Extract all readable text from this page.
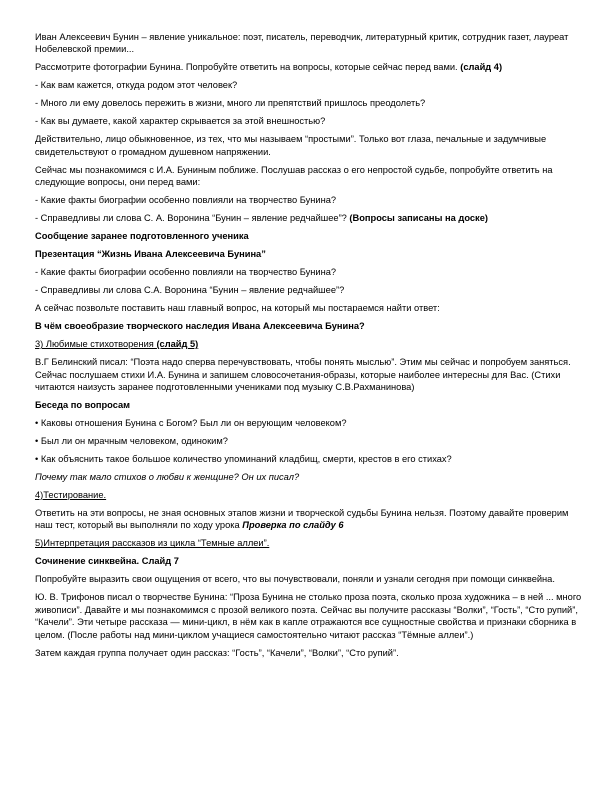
Иван Алексеевич Бунин – явление уникальное: поэт, писатель, переводчик, литературный критик, сотрудник газет, лауреат Нобелевской премии...

Рассмотрите фотографии Бунина. Попробуйте ответить на вопросы, которые сейчас перед вами. (слайд 4)

- Как вам кажется, откуда родом этот человек?

- Много ли ему довелось пережить в жизни, много ли препятствий пришлось преодолеть?

- Как вы думаете, какой характер скрывается за этой внешностью?

Действительно, лицо обыкновенное, из тех, что мы называем “простыми”. Только вот глаза, печальные и задумчивые свидетельствуют о громадном душевном напряжении.

Сейчас мы познакомимся с И.А. Буниным поближе. Послушав рассказ о его непростой судьбе, попробуйте ответить на следующие вопросы, они перед вами:

- Какие факты биографии особенно повлияли на творчество Бунина?

- Справедливы ли слова С. А. Воронина “Бунин – явление редчайшее”? (Вопросы записаны на доске)

Сообщение заранее подготовленного ученика

Презентация “Жизнь Ивана Алексеевича Бунина”

- Какие факты биографии особенно повлияли на творчество Бунина?

- Справедливы ли слова С.А. Воронина “Бунин – явление редчайшее”?

А сейчас позвольте поставить наш главный вопрос, на который мы постараемся найти ответ:

В чём своеобразие творческого наследия Ивана Алексеевича Бунина?

3) Любимые стихотворения (слайд 5)

В.Г Белинский писал: “Поэта надо сперва перечувствовать, чтобы понять мыслью”. Этим мы сейчас и попробуем заняться. Сейчас послушаем стихи И.А. Бунина и запишем словосочетания-образы, которые наиболее интересны для Вас. (Стихи читаются наизусть заранее подготовленными учениками под музыку С.В.Рахманинова)

Беседа по вопросам

• Каковы отношения Бунина с Богом? Был ли он верующим человеком?

• Был ли он мрачным человеком, одиноким?

• Как объяснить такое большое количество упоминаний кладбищ, смерти, крестов в его стихах?

Почему так мало стихов о любви к женщине? Он их писал?

4)Тестирование.

Ответить на эти вопросы, не зная основных этапов жизни и творческой судьбы Бунина нельзя. Поэтому давайте проверим наш тест, который вы выполняли по ходу урока Проверка по слайду 6

5)Интерпретация рассказов из цикла “Темные аллеи”.

Сочинение синквейна. Слайд 7

Попробуйте выразить свои ощущения от всего, что вы почувствовали, поняли и узнали сегодня при помощи синквейна.

Ю. В. Трифонов писал о творчестве Бунина: “Проза Бунина не столько проза поэта, сколько проза художника – в ней ... много живописи”. Давайте и мы познакомимся с прозой великого поэта. Сейчас вы получите рассказы “Волки”, “Гость”, “Сто рупий”, “Качели”. Эти четыре рассказа — мини-цикл, в нём как в капле отражаются все сущностные свойства и признаки сборника в целом. (После работы над мини-циклом учащиеся самостоятельно читают рассказ “Тёмные аллеи”.)

Затем каждая группа получает один рассказ: “Гость”, “Качели”, “Волки”, “Сто рупий”.
